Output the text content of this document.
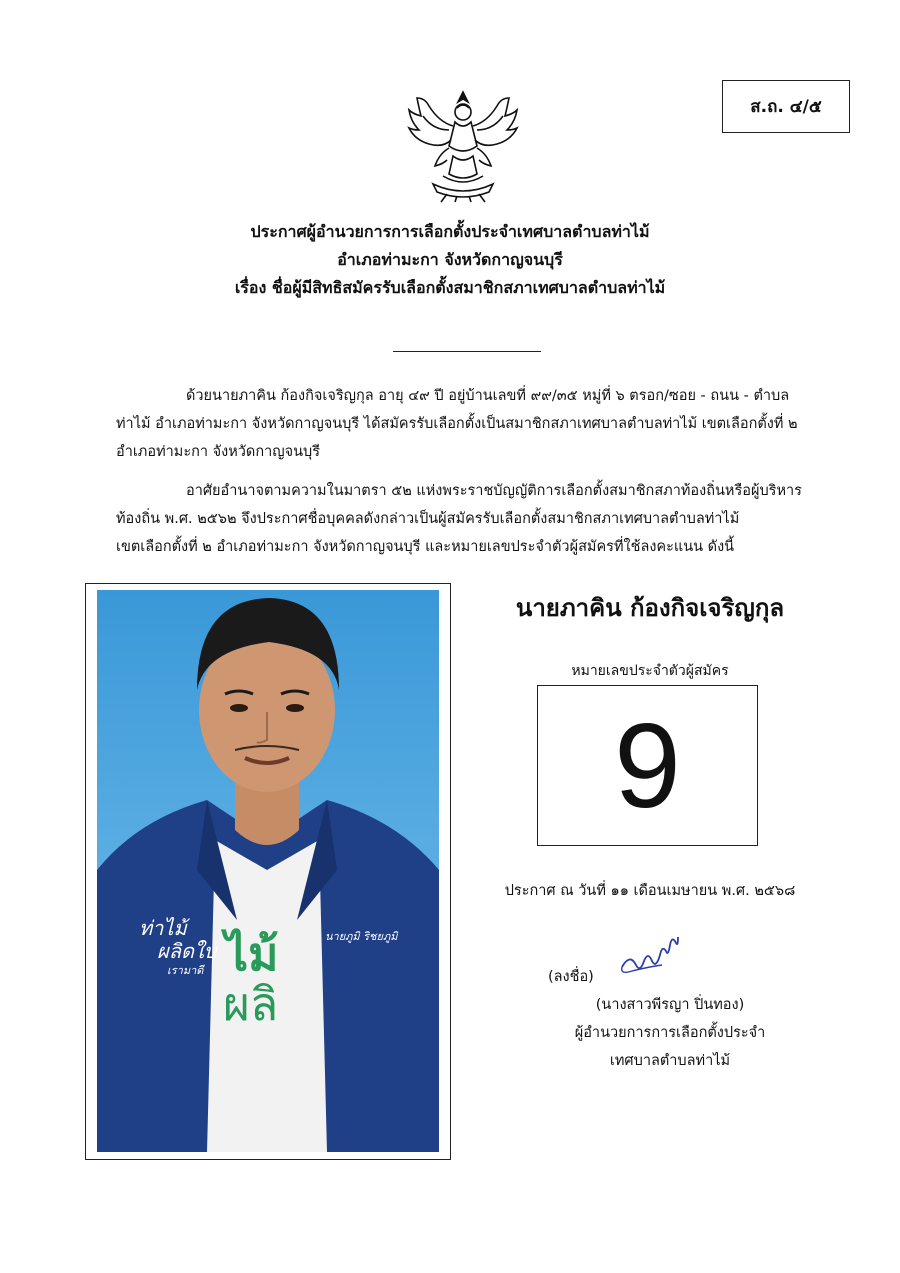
ส.ถ. ๔/๕
ประกาศผู้อำนวยการการเลือกตั้งประจำเทศบาลตำบลท่าไม้
อำเภอท่ามะกา จังหวัดกาญจนบุรี
เรื่อง ชื่อผู้มีสิทธิสมัครรับเลือกตั้งสมาชิกสภาเทศบาลตำบลท่าไม้
ด้วยนายภาคิน ก้องกิจเจริญกุล อายุ ๔๙ ปี อยู่บ้านเลขที่ ๙๙/๓๕ หมู่ที่ ๖ ตรอก/ซอย - ถนน - ตำบล
ท่าไม้ อำเภอท่ามะกา จังหวัดกาญจนบุรี ได้สมัครรับเลือกตั้งเป็นสมาชิกสภาเทศบาลตำบลท่าไม้ เขตเลือกตั้งที่ ๒
อำเภอท่ามะกา จังหวัดกาญจนบุรี
อาศัยอำนาจตามความในมาตรา ๕๒ แห่งพระราชบัญญัติการเลือกตั้งสมาชิกสภาท้องถิ่นหรือผู้บริหาร
ท้องถิ่น พ.ศ. ๒๕๖๒ จึงประกาศชื่อบุคคลดังกล่าวเป็นผู้สมัครรับเลือกตั้งสมาชิกสภาเทศบาลตำบลท่าไม้
เขตเลือกตั้งที่ ๒ อำเภอท่ามะกา จังหวัดกาญจนบุรี และหมายเลขประจำตัวผู้สมัครที่ใช้ลงคะแนน ดังนี้
ท่าไม้
ผลิดใบ
เรามาดี
นายภูมิ ริชยภูมิ
ไม้
ผลิ
นายภาคิน ก้องกิจเจริญกุล
หมายเลขประจำตัวผู้สมัคร
9
ประกาศ ณ วันที่ ๑๑ เดือนเมษายน พ.ศ. ๒๕๖๘
(ลงชื่อ)
(นางสาวพีรญา ปิ่นทอง)
ผู้อำนวยการการเลือกตั้งประจำ
เทศบาลตำบลท่าไม้
